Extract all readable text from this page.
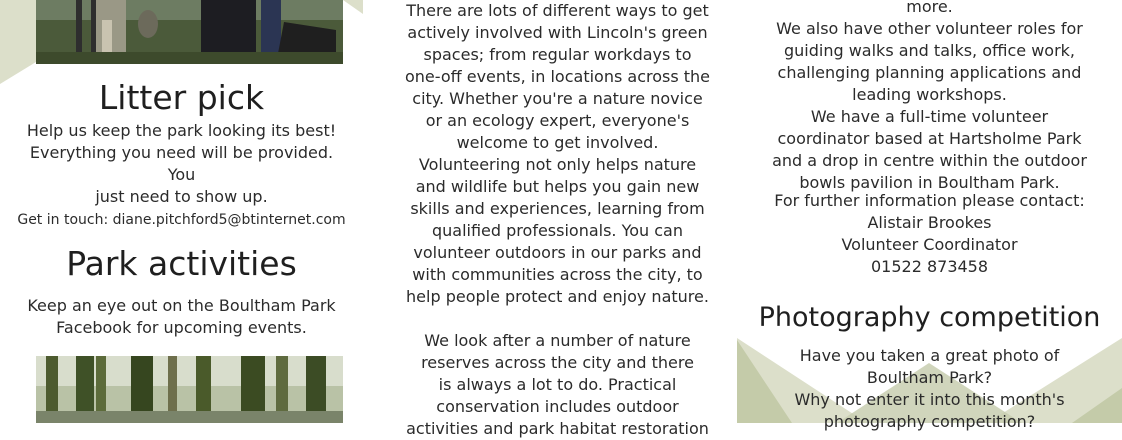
Litter pick
Help us keep the park looking its best!
Everything you need will be provided.
You
just need to show up.
Get in touch: diane.pitchford5@btinternet.com
Park activities
Keep an eye out on the Boultham Park
Facebook for upcoming events.
There are lots of different ways to get
actively involved with Lincoln's green
spaces; from regular workdays to
one-off events, in locations across the
city. Whether you're a nature novice
or an ecology expert, everyone's
welcome to get involved.
Volunteering not only helps nature
and wildlife but helps you gain new
skills and experiences, learning from
qualified professionals. You can
volunteer outdoors in our parks and
with communities across the city, to
help people protect and enjoy nature.
We look after a number of nature
reserves across the city and there
is always a lot to do. Practical
conservation includes outdoor
activities and park habitat restoration
more.
We also have other volunteer roles for
guiding walks and talks, office work,
challenging planning applications and
leading workshops.
We have a full-time volunteer
coordinator based at Hartsholme Park
and a drop in centre within the outdoor
bowls pavilion in Boultham Park.
For further information please contact:
Alistair Brookes
Volunteer Coordinator
01522 873458
Photography competition
Have you taken a great photo of
Boultham Park?
Why not enter it into this month's
photography competition?
